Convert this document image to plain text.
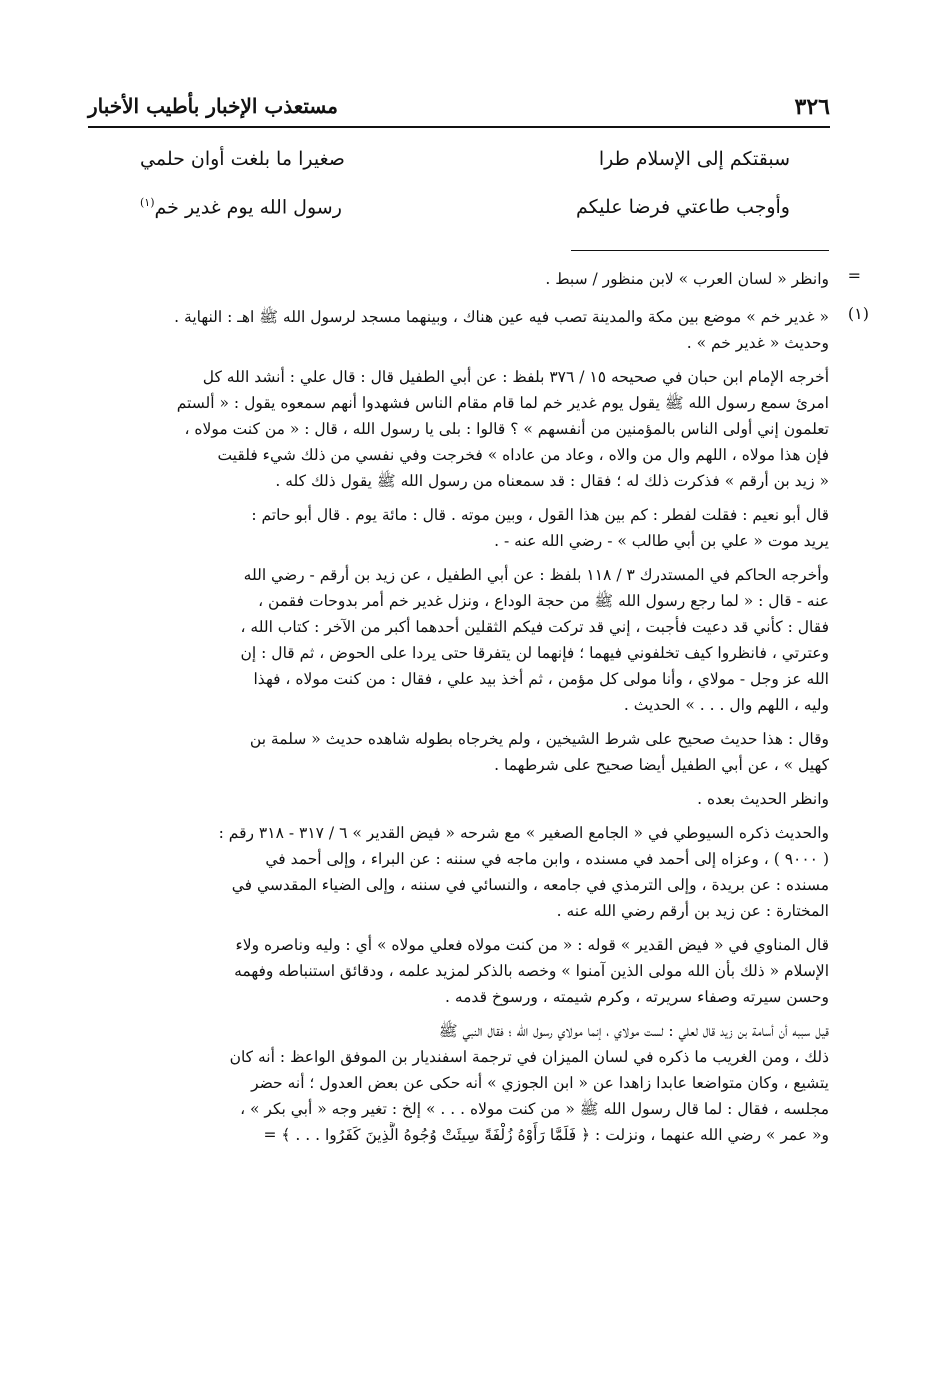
٣٢٦
مستعذب الإخبار بأطيب الأخبار
سبقتكم إلى الإسلام طرا
صغيرا ما بلغت أوان حلمي
وأوجب طاعتي فرضا عليكم
رسول الله يوم غدير خم$^{(١)}$
=
وانظر « لسان العرب » لابن منظور / سبط .
(١)
« غدير خم » موضع بين مكة والمدينة تصب فيه عين هناك ، وبينهما مسجد لرسول الله ﷺ اهـ : النهاية .
وحديث « غدير خم » .
أخرجه الإمام ابن حبان في صحيحه ١٥ / ٣٧٦ بلفظ : عن أبي الطفيل قال : قال علي : أنشد الله كل
امرئ سمع رسول الله ﷺ يقول يوم غدير خم لما قام مقام الناس فشهدوا أنهم سمعوه يقول : « ألستم
تعلمون إني أولى الناس بالمؤمنين من أنفسهم » ؟ قالوا : بلى يا رسول الله ، قال : « من كنت مولاه ،
فإن هذا مولاه ، اللهم وال من والاه ، وعاد من عاداه » فخرجت وفي نفسي من ذلك شيء فلقيت
« زيد بن أرقم » فذكرت ذلك له ؛ فقال : قد سمعناه من رسول الله ﷺ يقول ذلك كله .
قال أبو نعيم : فقلت لفطر : كم بين هذا القول ، وبين موته . قال : مائة يوم . قال أبو حاتم :
يريد موت « علي بن أبي طالب » - رضي الله عنه - .
وأخرجه الحاكم في المستدرك ٣ / ١١٨ بلفظ : عن أبي الطفيل ، عن زيد بن أرقم - رضي الله
عنه - قال : « لما رجع رسول الله ﷺ من حجة الوداع ، ونزل غدير خم أمر بدوحات فقمن ،
فقال : كأني قد دعيت فأجبت ، إني قد تركت فيكم الثقلين أحدهما أكبر من الآخر : كتاب الله ،
وعترتي ، فانظروا كيف تخلفوني فيهما ؛ فإنهما لن يتفرقا حتى يردا على الحوض ، ثم قال : إن
الله عز وجل - مولاي ، وأنا مولى كل مؤمن ، ثم أخذ بيد علي ، فقال : من كنت مولاه ، فهذا
وليه ، اللهم وال . . . » الحديث .
وقال : هذا حديث صحيح على شرط الشيخين ، ولم يخرجاه بطوله شاهده حديث « سلمة بن
كهيل » ، عن أبي الطفيل أيضا صحيح على شرطهما .
وانظر الحديث بعده .
والحديث ذكره السيوطي في « الجامع الصغير » مع شرحه « فيض القدير » ٦ / ٣١٧ - ٣١٨ رقم :
( ٩٠٠٠ ) ، وعزاه إلى أحمد في مسنده ، وابن ماجه في سننه : عن البراء ، وإلى أحمد في
مسنده : عن بريدة ، وإلى الترمذي في جامعه ، والنسائي في سننه ، وإلى الضياء المقدسي في
المختارة : عن زيد بن أرقم رضي الله عنه .
قال المناوي في « فيض القدير » قوله : « من كنت مولاه فعلي مولاه » أي : وليه وناصره ولاء
الإسلام « ذلك بأن الله مولى الذين آمنوا » وخصه بالذكر لمزيد علمه ، ودقائق استنباطه وفهمه
وحسن سيرته وصفاء سريرته ، وكرم شيمته ، ورسوخ قدمه .
قيل سببه أن أسامة بن زيد قال لعلي : لست مولاي ، إنما مولاي رسول الله ؛ فقال النبي ﷺ
ذلك ، ومن الغريب ما ذكره في لسان الميزان في ترجمة اسفنديار بن الموفق الواعظ : أنه كان
يتشيع ، وكان متواضعا عابدا زاهدا عن « ابن الجوزي » أنه حكى عن بعض العدول ؛ أنه حضر
مجلسه ، فقال : لما قال رسول الله ﷺ « من كنت مولاه . . . » إلخ : تغير وجه « أبي بكر » ،
و« عمر » رضي الله عنهما ، ونزلت : ﴿ فَلَمَّا رَأَوْهُ زُلْفَةً سِيئَتْ وُجُوهُ الَّذِينَ كَفَرُوا . . . ﴾ =
